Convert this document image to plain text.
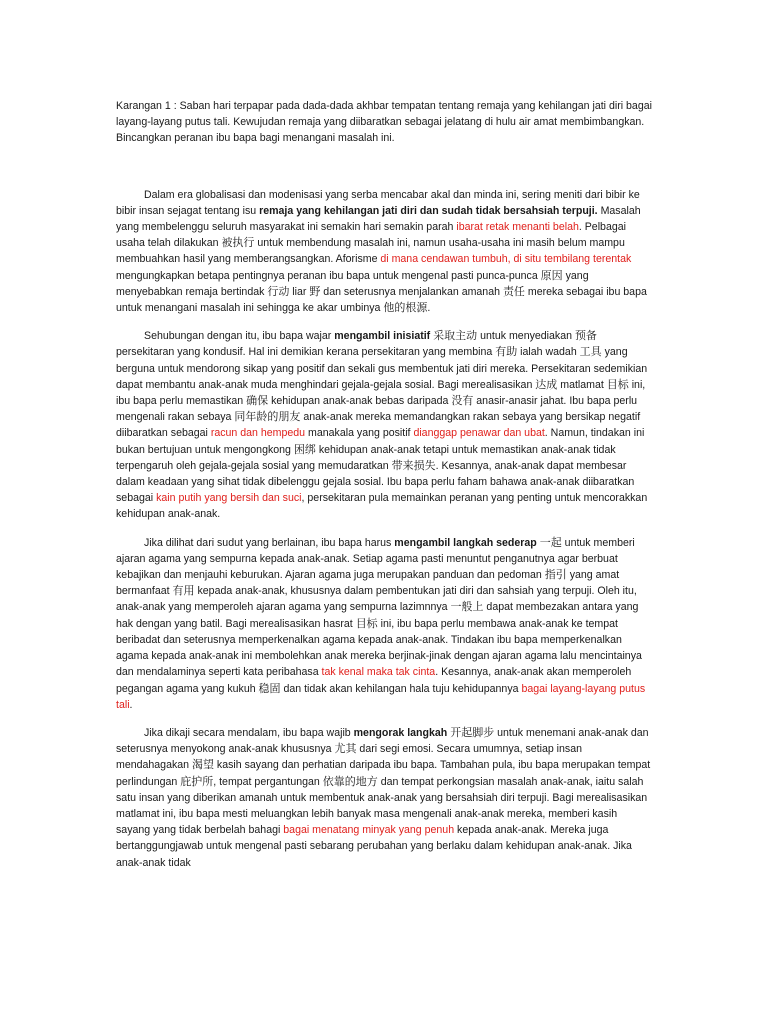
Karangan 1 : Saban hari terpapar pada dada-dada akhbar tempatan tentang remaja yang kehilangan jati diri bagai layang-layang putus tali. Kewujudan remaja yang diibaratkan sebagai jelatang di hulu air amat membimbangkan. Bincangkan peranan ibu bapa bagi menangani masalah ini.

Dalam era globalisasi dan modenisasi yang serba mencabar akal dan minda ini, sering meniti dari bibir ke bibir insan sejagat tentang isu remaja yang kehilangan jati diri dan sudah tidak bersahsiah terpuji. Masalah yang membelenggu seluruh masyarakat ini semakin hari semakin parah ibarat retak menanti belah. Pelbagai usaha telah dilakukan 被执行 untuk membendung masalah ini, namun usaha-usaha ini masih belum mampu membuahkan hasil yang memberangsangkan. Aforisme di mana cendawan tumbuh, di situ tembilang terentak mengungkapkan betapa pentingnya peranan ibu bapa untuk mengenal pasti punca-punca 原因 yang menyebabkan remaja bertindak 行动 liar 野 dan seterusnya menjalankan amanah 责任 mereka sebagai ibu bapa untuk menangani masalah ini sehingga ke akar umbinya 他的根源.

Sehubungan dengan itu, ibu bapa wajar mengambil inisiatif 采取主动 untuk menyediakan 预备 persekitaran yang kondusif. Hal ini demikian kerana persekitaran yang membina 有助 ialah wadah 工具 yang berguna untuk mendorong sikap yang positif dan sekali gus membentuk jati diri mereka. Persekitaran sedemikian dapat membantu anak-anak muda menghindari gejala-gejala sosial. Bagi merealisasikan 达成 matlamat 目标 ini, ibu bapa perlu memastikan 确保 kehidupan anak-anak bebas daripada 没有 anasir-anasir jahat. Ibu bapa perlu mengenali rakan sebaya 同年龄的朋友 anak-anak mereka memandangkan rakan sebaya yang bersikap negatif diibaratkan sebagai racun dan hempedu manakala yang positif dianggap penawar dan ubat. Namun, tindakan ini bukan bertujuan untuk mengongkong 困绑 kehidupan anak-anak tetapi untuk memastikan anak-anak tidak terpengaruh oleh gejala-gejala sosial yang memudaratkan 带来损失. Kesannya, anak-anak dapat membesar dalam keadaan yang sihat tidak dibelenggu gejala sosial. Ibu bapa perlu faham bahawa anak-anak diibaratkan sebagai kain putih yang bersih dan suci, persekitaran pula memainkan peranan yang penting untuk mencorakkan kehidupan anak-anak.

Jika dilihat dari sudut yang berlainan, ibu bapa harus mengambil langkah sederap 一起 untuk memberi ajaran agama yang sempurna kepada anak-anak. Setiap agama pasti menuntut penganutnya agar berbuat kebajikan dan menjauhi keburukan. Ajaran agama juga merupakan panduan dan pedoman 指引 yang amat bermanfaat 有用 kepada anak-anak, khususnya dalam pembentukan jati diri dan sahsiah yang terpuji. Oleh itu, anak-anak yang memperoleh ajaran agama yang sempurna lazimnnya 一般上 dapat membezakan antara yang hak dengan yang batil. Bagi merealisasikan hasrat 目标 ini, ibu bapa perlu membawa anak-anak ke tempat beribadat dan seterusnya memperkenalkan agama kepada anak-anak. Tindakan ibu bapa memperkenalkan agama kepada anak-anak ini membolehkan anak mereka berjinak-jinak dengan ajaran agama lalu mencintainya dan mendalaminya seperti kata peribahasa tak kenal maka tak cinta. Kesannya, anak-anak akan memperoleh pegangan agama yang kukuh 稳固 dan tidak akan kehilangan hala tuju kehidupannya bagai layang-layang putus tali.

Jika dikaji secara mendalam, ibu bapa wajib mengorak langkah 开起脚步 untuk menemani anak-anak dan seterusnya menyokong anak-anak khususnya 尤其 dari segi emosi. Secara umumnya, setiap insan mendahagakan 渴望 kasih sayang dan perhatian daripada ibu bapa. Tambahan pula, ibu bapa merupakan tempat perlindungan 庇护所, tempat pergantungan 依靠的地方 dan tempat perkongsian masalah anak-anak, iaitu salah satu insan yang diberikan amanah untuk membentuk anak-anak yang bersahsiah diri terpuji. Bagi merealisasikan matlamat ini, ibu bapa mesti meluangkan lebih banyak masa mengenali anak-anak mereka, memberi kasih sayang yang tidak berbelah bahagi bagai menatang minyak yang penuh kepada anak-anak. Mereka juga bertanggungjawab untuk mengenal pasti sebarang perubahan yang berlaku dalam kehidupan anak-anak. Jika anak-anak tidak
